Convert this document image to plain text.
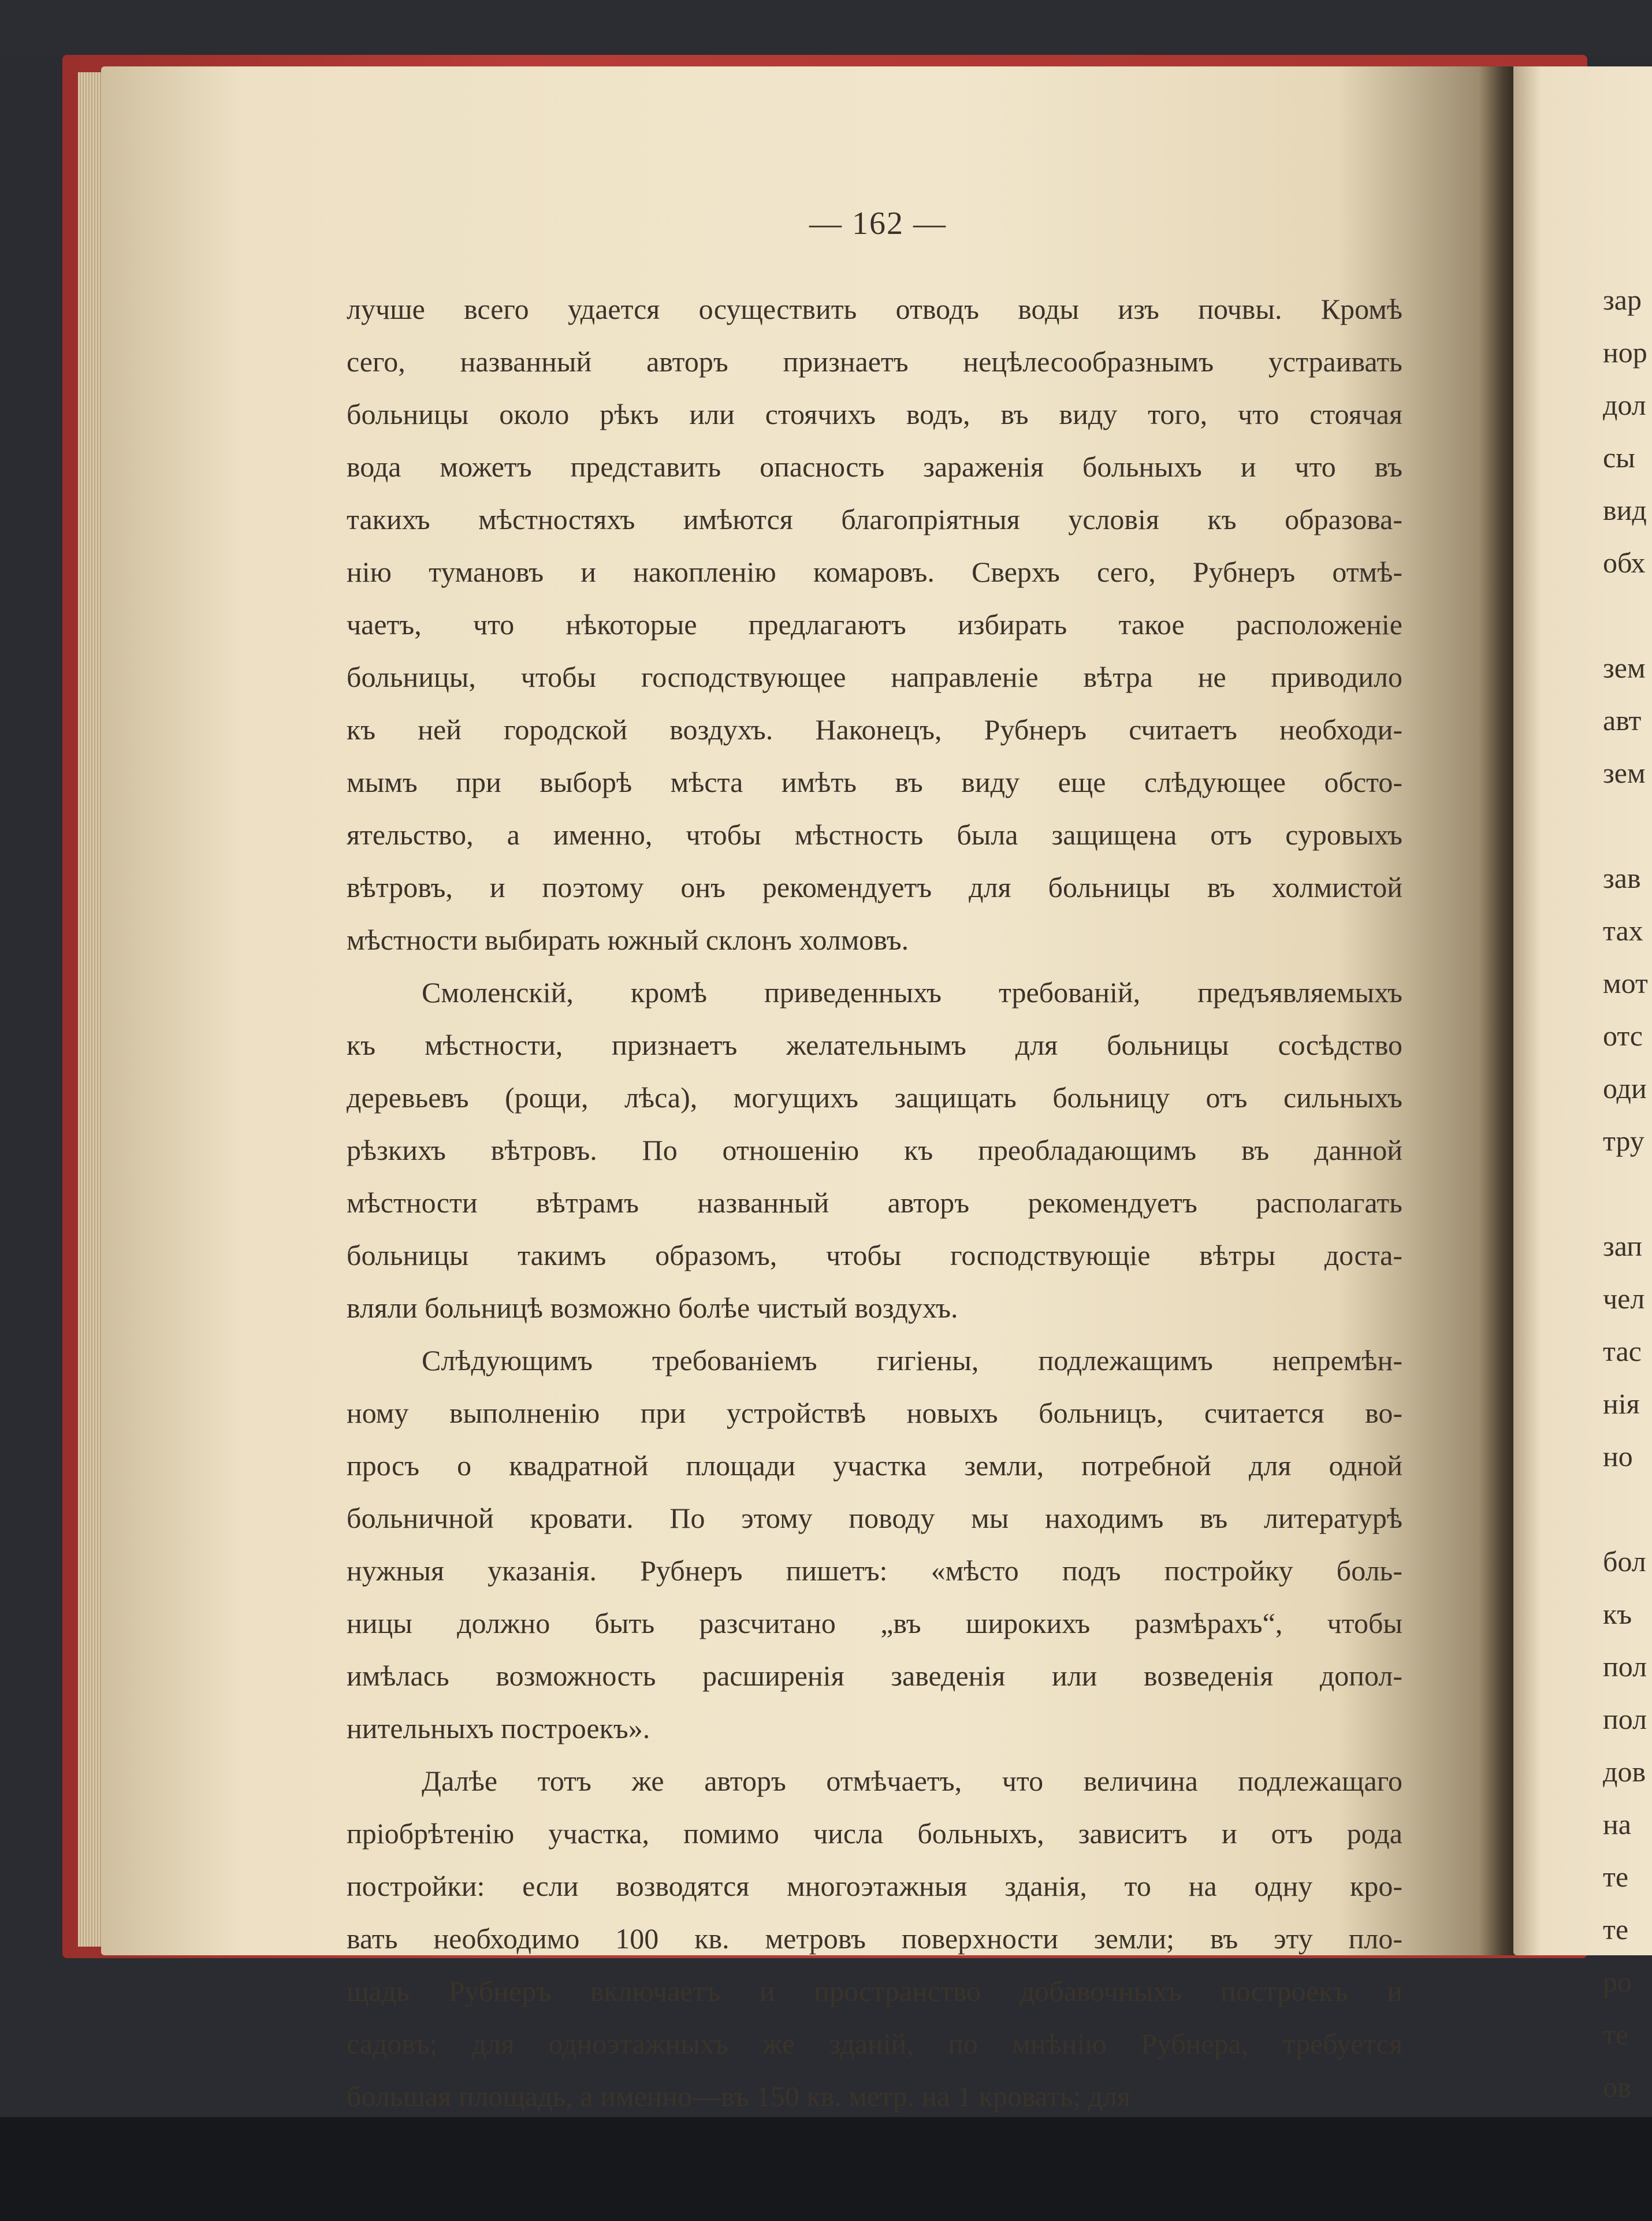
— 162 —
лучше всего удается осуществить отводъ воды изъ почвы. Кромѣ
сего, названный авторъ признаетъ нецѣлесообразнымъ устраивать
больницы около рѣкъ или стоячихъ водъ, въ виду того, что стоячая
вода можетъ представить опасность зараженія больныхъ и что въ
такихъ мѣстностяхъ имѣются благопріятныя условія къ образова-
нію тумановъ и накопленію комаровъ. Сверхъ сего, Рубнеръ отмѣ-
чаетъ, что нѣкоторые предлагаютъ избирать такое расположеніе
больницы, чтобы господствующее направленіе вѣтра не приводило
къ ней городской воздухъ. Наконецъ, Рубнеръ считаетъ необходи-
мымъ при выборѣ мѣста имѣть въ виду еще слѣдующее обсто-
ятельство, а именно, чтобы мѣстность была защищена отъ суровыхъ
вѣтровъ, и поэтому онъ рекомендуетъ для больницы въ холмистой
мѣстности выбирать южный склонъ холмовъ.
Смоленскій, кромѣ приведенныхъ требованій, предъявляемыхъ
къ мѣстности, признаетъ желательнымъ для больницы сосѣдство
деревьевъ (рощи, лѣса), могущихъ защищать больницу отъ сильныхъ
рѣзкихъ вѣтровъ. По отношенію къ преобладающимъ въ данной
мѣстности вѣтрамъ названный авторъ рекомендуетъ располагать
больницы такимъ образомъ, чтобы господствующіе вѣтры доста-
вляли больницѣ возможно болѣе чистый воздухъ.
Слѣдующимъ требованіемъ гигіены, подлежащимъ непремѣн-
ному выполненію при устройствѣ новыхъ больницъ, считается во-
просъ о квадратной площади участка земли, потребной для одной
больничной кровати. По этому поводу мы находимъ въ литературѣ
нужныя указанія. Рубнеръ пишетъ: «мѣсто подъ постройку боль-
ницы должно быть разсчитано „въ широкихъ размѣрахъ“, чтобы
имѣлась возможность расширенія заведенія или возведенія допол-
нительныхъ построекъ».
Далѣе тотъ же авторъ отмѣчаетъ, что величина подлежащаго
пріобрѣтенію участка, помимо числа больныхъ, зависитъ и отъ рода
постройки: если возводятся многоэтажныя зданія, то на одну кро-
вать необходимо 100 кв. метровъ поверхности земли; въ эту пло-
щадь Рубнеръ включаетъ и пространство добавочныхъ построекъ и
садовъ; для одноэтажныхъ же зданій, по мнѣнію Рубнера, требуется
большая площадь, а именно—въ 150 кв. метр. на 1 кровать; для
зар
нор
дол
сы
вид
обх
зем
авт
зем
зав
тах
мот
отс
оди
тру
зап
чел
тас
нія
но
бол
къ
пол
пол
дов
на
те
те
ро
те
ов
